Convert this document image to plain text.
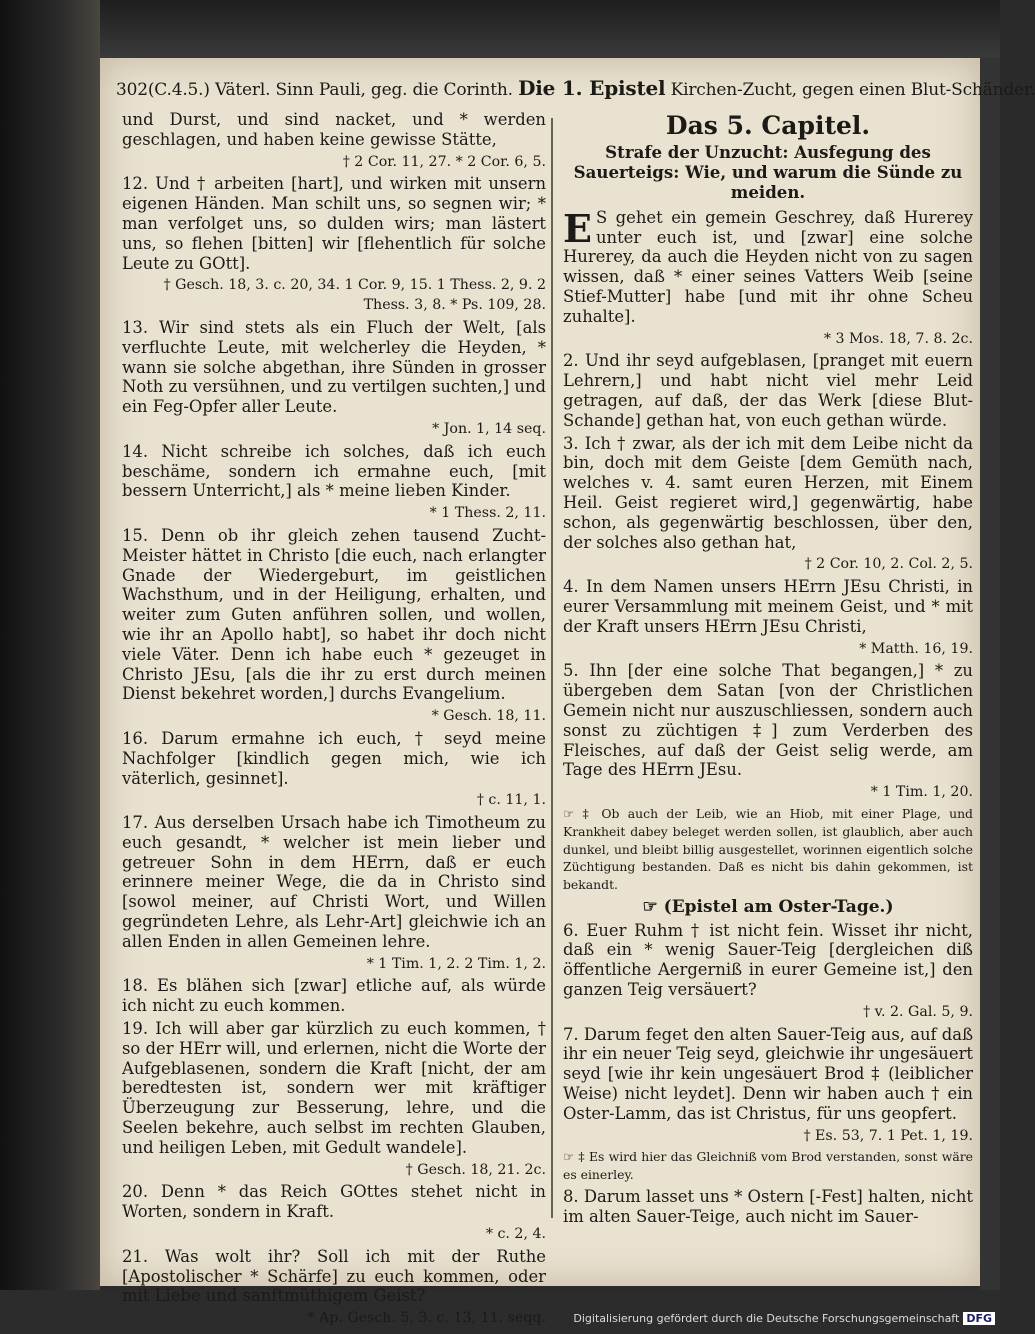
302(C.4.5.) Väterl. Sinn Pauli, geg. die Corinth. Die 1. Epistel Kirchen-Zucht, gegen einen Blut-Schänder.

und Durst, und sind nacket, und * werden geschlagen, und haben keine gewisse Stätte,

† 2 Cor. 11, 27. * 2 Cor. 6, 5.

12. Und † arbeiten [hart], und wirken mit unsern eigenen Händen. Man schilt uns, so segnen wir; * man verfolget uns, so dulden wirs; man lästert uns, so flehen [bitten] wir [flehentlich für solche Leute zu GOtt].

† Gesch. 18, 3. c. 20, 34. 1 Cor. 9, 15. 1 Thess. 2, 9. 2 Thess. 3, 8. * Ps. 109, 28.

13. Wir sind stets als ein Fluch der Welt, [als verfluchte Leute, mit welcherley die Heyden, * wann sie solche abgethan, ihre Sünden in grosser Noth zu versühnen, und zu vertilgen suchten,] und ein Feg-Opfer aller Leute.

* Jon. 1, 14 seq.

14. Nicht schreibe ich solches, daß ich euch beschäme, sondern ich ermahne euch, [mit bessern Unterricht,] als * meine lieben Kinder.

* 1 Thess. 2, 11.

15. Denn ob ihr gleich zehen tausend Zucht-Meister hättet in Christo [die euch, nach erlangter Gnade der Wiedergeburt, im geistlichen Wachsthum, und in der Heiligung, erhalten, und weiter zum Guten anführen sollen, und wollen, wie ihr an Apollo habt], so habet ihr doch nicht viele Väter. Denn ich habe euch * gezeuget in Christo JEsu, [als die ihr zu erst durch meinen Dienst bekehret worden,] durchs Evangelium.

* Gesch. 18, 11.

16. Darum ermahne ich euch, † seyd meine Nachfolger [kindlich gegen mich, wie ich väterlich, gesinnet].

† c. 11, 1.

17. Aus derselben Ursach habe ich Timotheum zu euch gesandt, * welcher ist mein lieber und getreuer Sohn in dem HErrn, daß er euch erinnere meiner Wege, die da in Christo sind [sowol meiner, auf Christi Wort, und Willen gegründeten Lehre, als Lehr-Art] gleichwie ich an allen Enden in allen Gemeinen lehre.

* 1 Tim. 1, 2. 2 Tim. 1, 2.

18. Es blähen sich [zwar] etliche auf, als würde ich nicht zu euch kommen.

19. Ich will aber gar kürzlich zu euch kommen, † so der HErr will, und erlernen, nicht die Worte der Aufgeblasenen, sondern die Kraft [nicht, der am beredtesten ist, sondern wer mit kräftiger Überzeugung zur Besserung, lehre, und die Seelen bekehre, auch selbst im rechten Glauben, und heiligen Leben, mit Gedult wandele].

† Gesch. 18, 21. 2c.

20. Denn * das Reich GOttes stehet nicht in Worten, sondern in Kraft.

* c. 2, 4.

21. Was wolt ihr? Soll ich mit der Ruthe [Apostolischer * Schärfe] zu euch kommen, oder mit Liebe und sanftmüthigem Geist?

* Ap. Gesch. 5, 3. c. 13, 11. seqq.

Das 5. Capitel.
Strafe der Unzucht: Ausfegung des Sauerteigs: Wie, und warum die Sünde zu meiden.

E S gehet ein gemein Geschrey, daß Hurerey unter euch ist, und [zwar] eine solche Hurerey, da auch die Heyden nicht von zu sagen wissen, daß * einer seines Vatters Weib [seine Stief-Mutter] habe [und mit ihr ohne Scheu zuhalte].

* 3 Mos. 18, 7. 8. 2c.

2. Und ihr seyd aufgeblasen, [pranget mit euern Lehrern,] und habt nicht viel mehr Leid getragen, auf daß, der das Werk [diese Blut-Schande] gethan hat, von euch gethan würde.

3. Ich † zwar, als der ich mit dem Leibe nicht da bin, doch mit dem Geiste [dem Gemüth nach, welches v. 4. samt euren Herzen, mit Einem Heil. Geist regieret wird,] gegenwärtig, habe schon, als gegenwärtig beschlossen, über den, der solches also gethan hat,

† 2 Cor. 10, 2. Col. 2, 5.

4. In dem Namen unsers HErrn JEsu Christi, in eurer Versammlung mit meinem Geist, und * mit der Kraft unsers HErrn JEsu Christi,

* Matth. 16, 19.

5. Ihn [der eine solche That begangen,] * zu übergeben dem Satan [von der Christlichen Gemein nicht nur auszuschliessen, sondern auch sonst zu züchtigen ‡] zum Verderben des Fleisches, auf daß der Geist selig werde, am Tage des HErrn JEsu.

* 1 Tim. 1, 20.

☞ ‡ Ob auch der Leib, wie an Hiob, mit einer Plage, und Krankheit dabey beleget werden sollen, ist glaublich, aber auch dunkel, und bleibt billig ausgestellet, worinnen eigentlich solche Züchtigung bestanden. Daß es nicht bis dahin gekommen, ist bekandt.

☞ (Epistel am Oster-Tage.)

6. Euer Ruhm † ist nicht fein. Wisset ihr nicht, daß ein * wenig Sauer-Teig [dergleichen diß öffentliche Aergerniß in eurer Gemeine ist,] den ganzen Teig versäuert?

† v. 2. Gal. 5, 9.

7. Darum feget den alten Sauer-Teig aus, auf daß ihr ein neuer Teig seyd, gleichwie ihr ungesäuert seyd [wie ihr kein ungesäuert Brod ‡ (leiblicher Weise) nicht leydet]. Denn wir haben auch † ein Oster-Lamm, das ist Christus, für uns geopfert.

† Es. 53, 7. 1 Pet. 1, 19.

☞ ‡ Es wird hier das Gleichniß vom Brod verstanden, sonst wäre es einerley.

8. Darum lasset uns * Ostern [-Fest] halten, nicht im alten Sauer-Teige, auch nicht im Sauer-

Digitalisierung gefördert durch die Deutsche Forschungsgemeinschaft DFG
